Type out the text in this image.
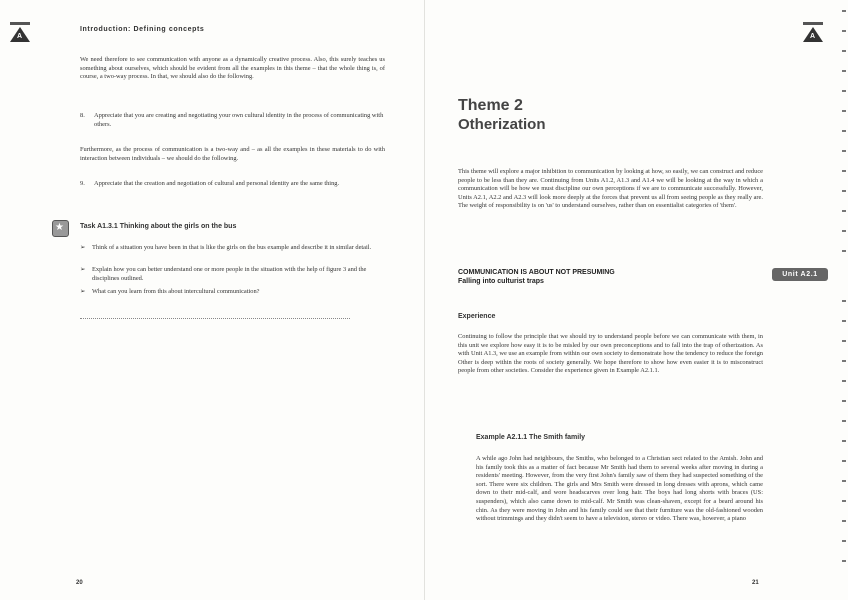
A
Introduction: Defining concepts
We need therefore to see communication with anyone as a dynamically creative process. Also, this surely teaches us something about ourselves, which should be evident from all the examples in this theme – that the whole thing is, of course, a two-way process. In that, we should also do the following.
8. Appreciate that you are creating and negotiating your own cultural identity in the process of communicating with others.
Furthermore, as the process of communication is a two-way and – as all the examples in these materials to do with interaction between individuals – we should do the following.
9. Appreciate that the creation and negotiation of cultural and personal identity are the same thing.
★
Task A1.3.1 Thinking about the girls on the bus
➢ Think of a situation you have been in that is like the girls on the bus example and describe it in similar detail.
➢ Explain how you can better understand one or more people in the situation with the help of figure 3 and the disciplines outlined.
➢ What can you learn from this about intercultural communication?
20
A
Theme 2
Otherization
This theme will explore a major inhibition to communication by looking at how, so easily, we can construct and reduce people to be less than they are. Continuing from Units A1.2, A1.3 and A1.4 we will be looking at the way in which a communication will be how we must discipline our own perceptions if we are to communicate successfully. However, Units A2.1, A2.2 and A2.3 will look more deeply at the forces that prevent us all from seeing people as they really are. The weight of responsibility is on 'us' to understand ourselves, rather than on essentialist categories of 'them'.
COMMUNICATION IS ABOUT NOT PRESUMING
Falling into culturist traps
Unit A2.1
Experience
Continuing to follow the principle that we should try to understand people before we can communicate with them, in this unit we explore how easy it is to be misled by our own preconceptions and to fall into the trap of otherization. As with Unit A1.3, we use an example from within our own society to demonstrate how the tendency to reduce the foreign Other is deep within the roots of society generally. We hope therefore to show how even easier it is to misconstruct people from other societies. Consider the experience given in Example A2.1.1.
Example A2.1.1 The Smith family
A while ago John had neighbours, the Smiths, who belonged to a Christian sect related to the Amish. John and his family took this as a matter of fact because Mr Smith had them to several weeks after moving in during a residents' meeting. However, from the very first John's family saw of them they had suspected something of the sort. There were six children. The girls and Mrs Smith were dressed in long dresses with aprons, which came down to their mid-calf, and wore headscarves over long hair. The boys had long shorts with braces (US: suspenders), which also came down to mid-calf. Mr Smith was clean-shaven, except for a beard around his chin. As they were moving in John and his family could see that their furniture was the old-fashioned wooden without trimmings and they didn't seem to have a television, stereo or video. There was, however, a piano
21
